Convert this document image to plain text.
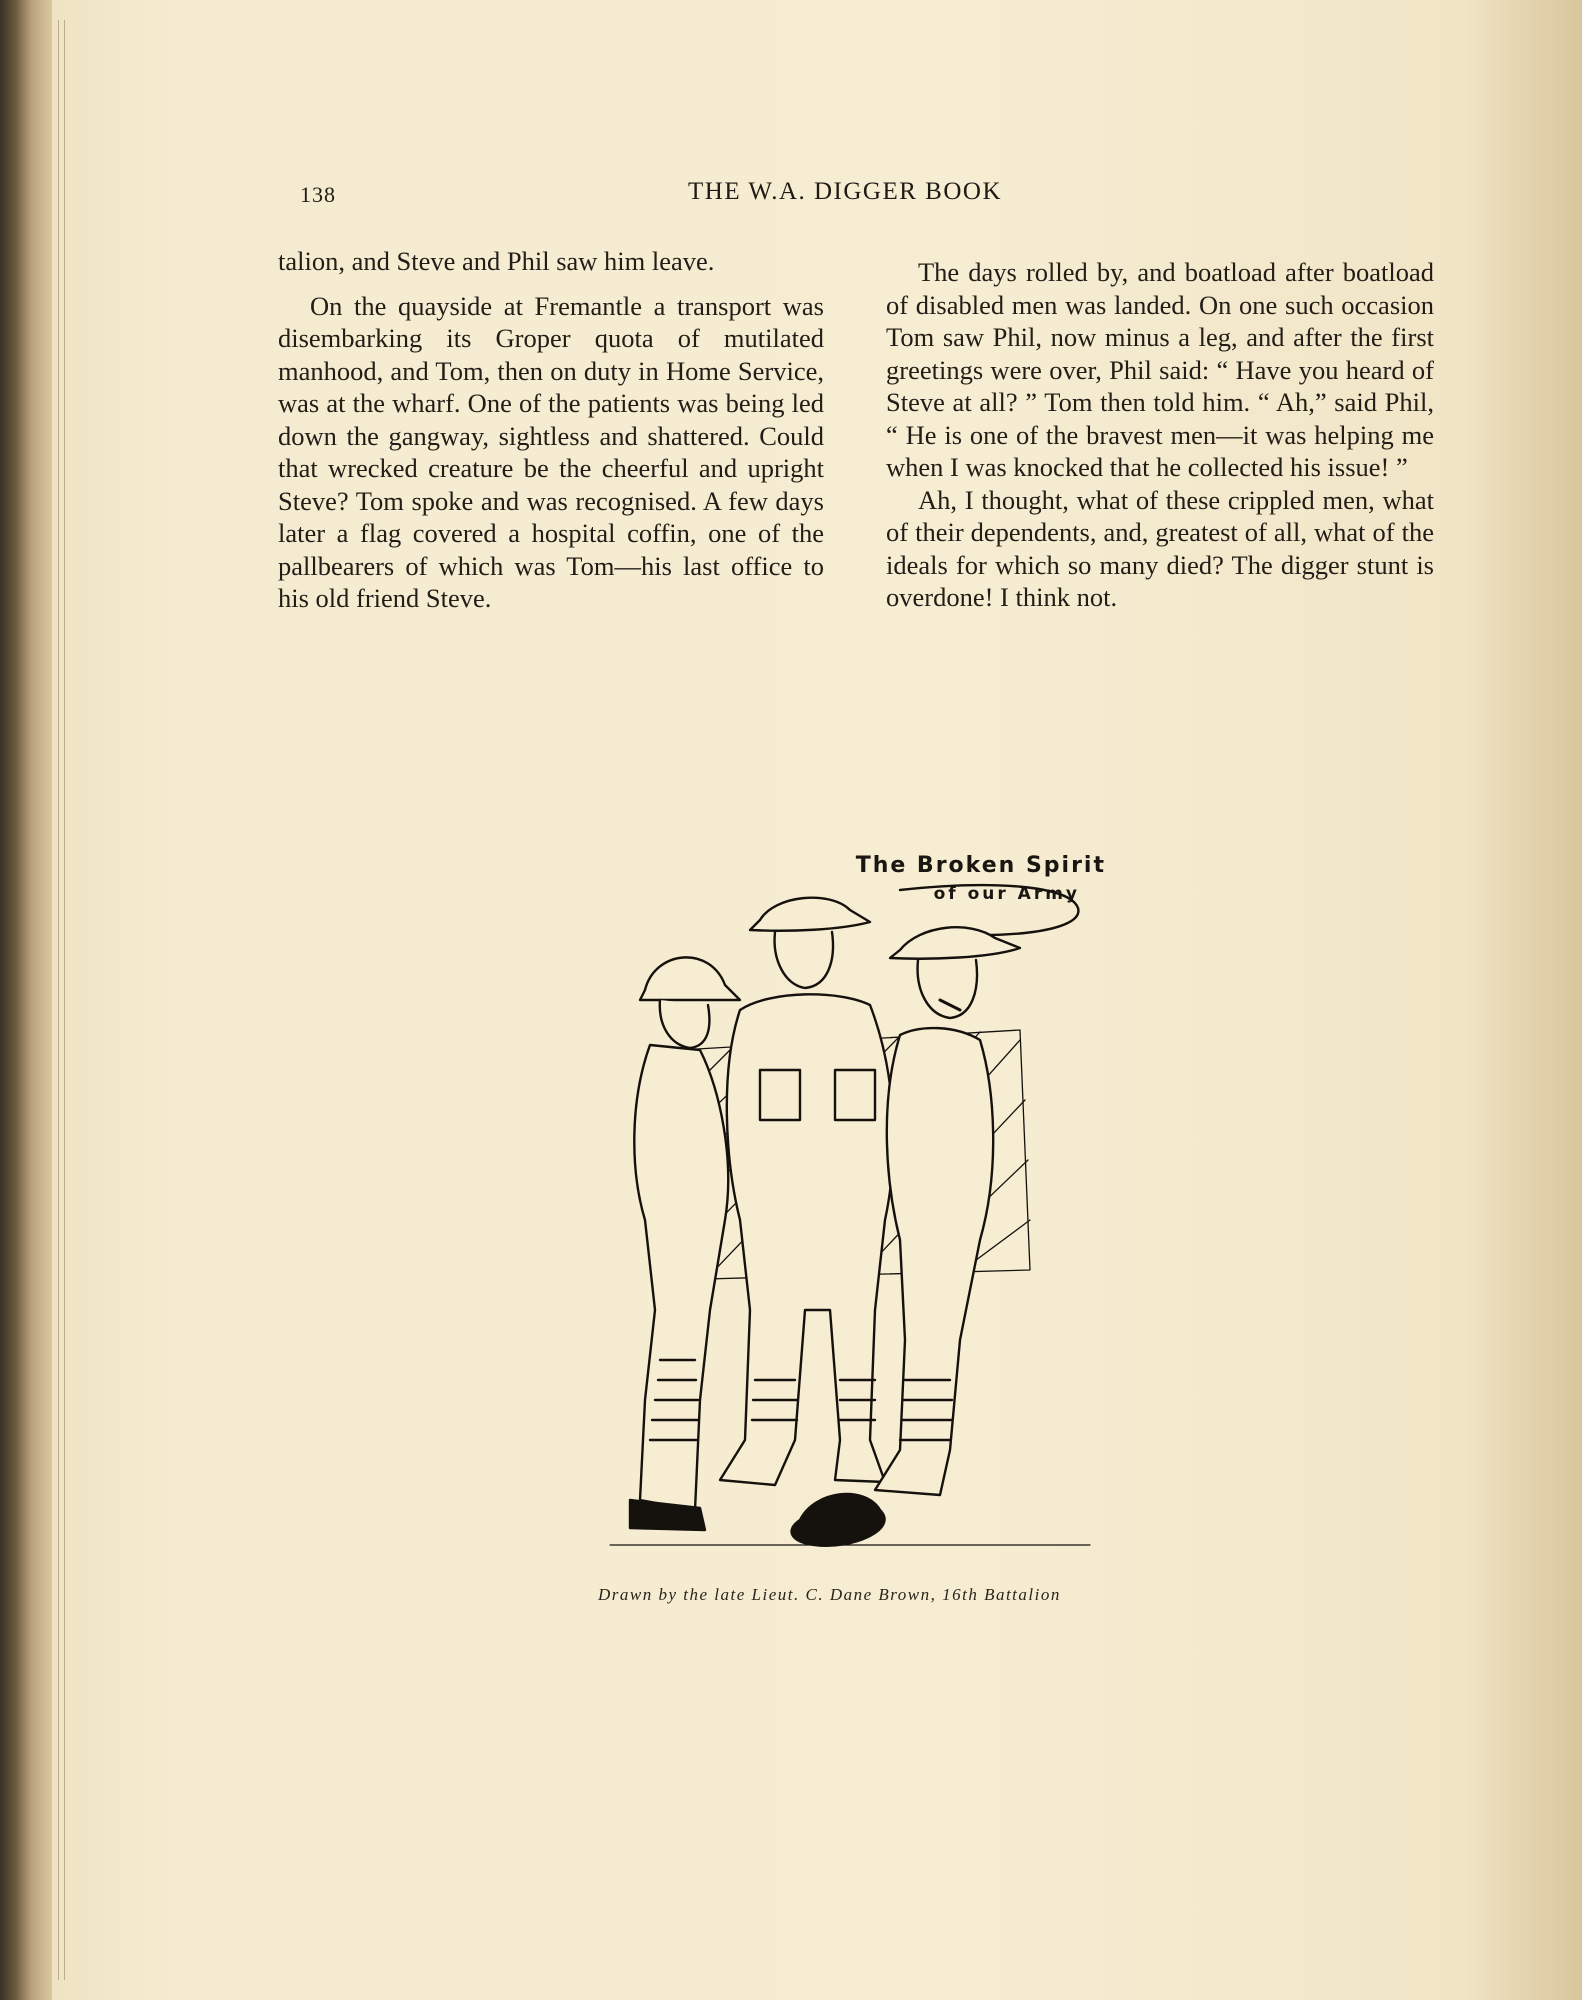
138	THE W.A. DIGGER BOOK

talion, and Steve and Phil saw him leave.

On the quayside at Fremantle a transport was disembarking its Groper quota of mutilated manhood, and Tom, then on duty in Home Service, was at the wharf. One of the patients was being led down the gangway, sightless and shattered. Could that wrecked creature be the cheerful and upright Steve? Tom spoke and was recognised. A few days later a flag covered a hospital coffin, one of the pallbearers of which was Tom—his last office to his old friend Steve.

The days rolled by, and boatload after boatload of disabled men was landed. On one such occasion Tom saw Phil, now minus a leg, and after the first greetings were over, Phil said: “ Have you heard of Steve at all? ” Tom then told him. “ Ah,” said Phil, “ He is one of the bravest men—it was helping me when I was knocked that he collected his issue! ”

Ah, I thought, what of these crippled men, what of their dependents, and, greatest of all, what of the ideals for which so many died? The digger stunt is overdone! I think not.

The Broken Spirit
of our Army
Drawn by the late Lieut. C. Dane Brown, 16th Battalion
